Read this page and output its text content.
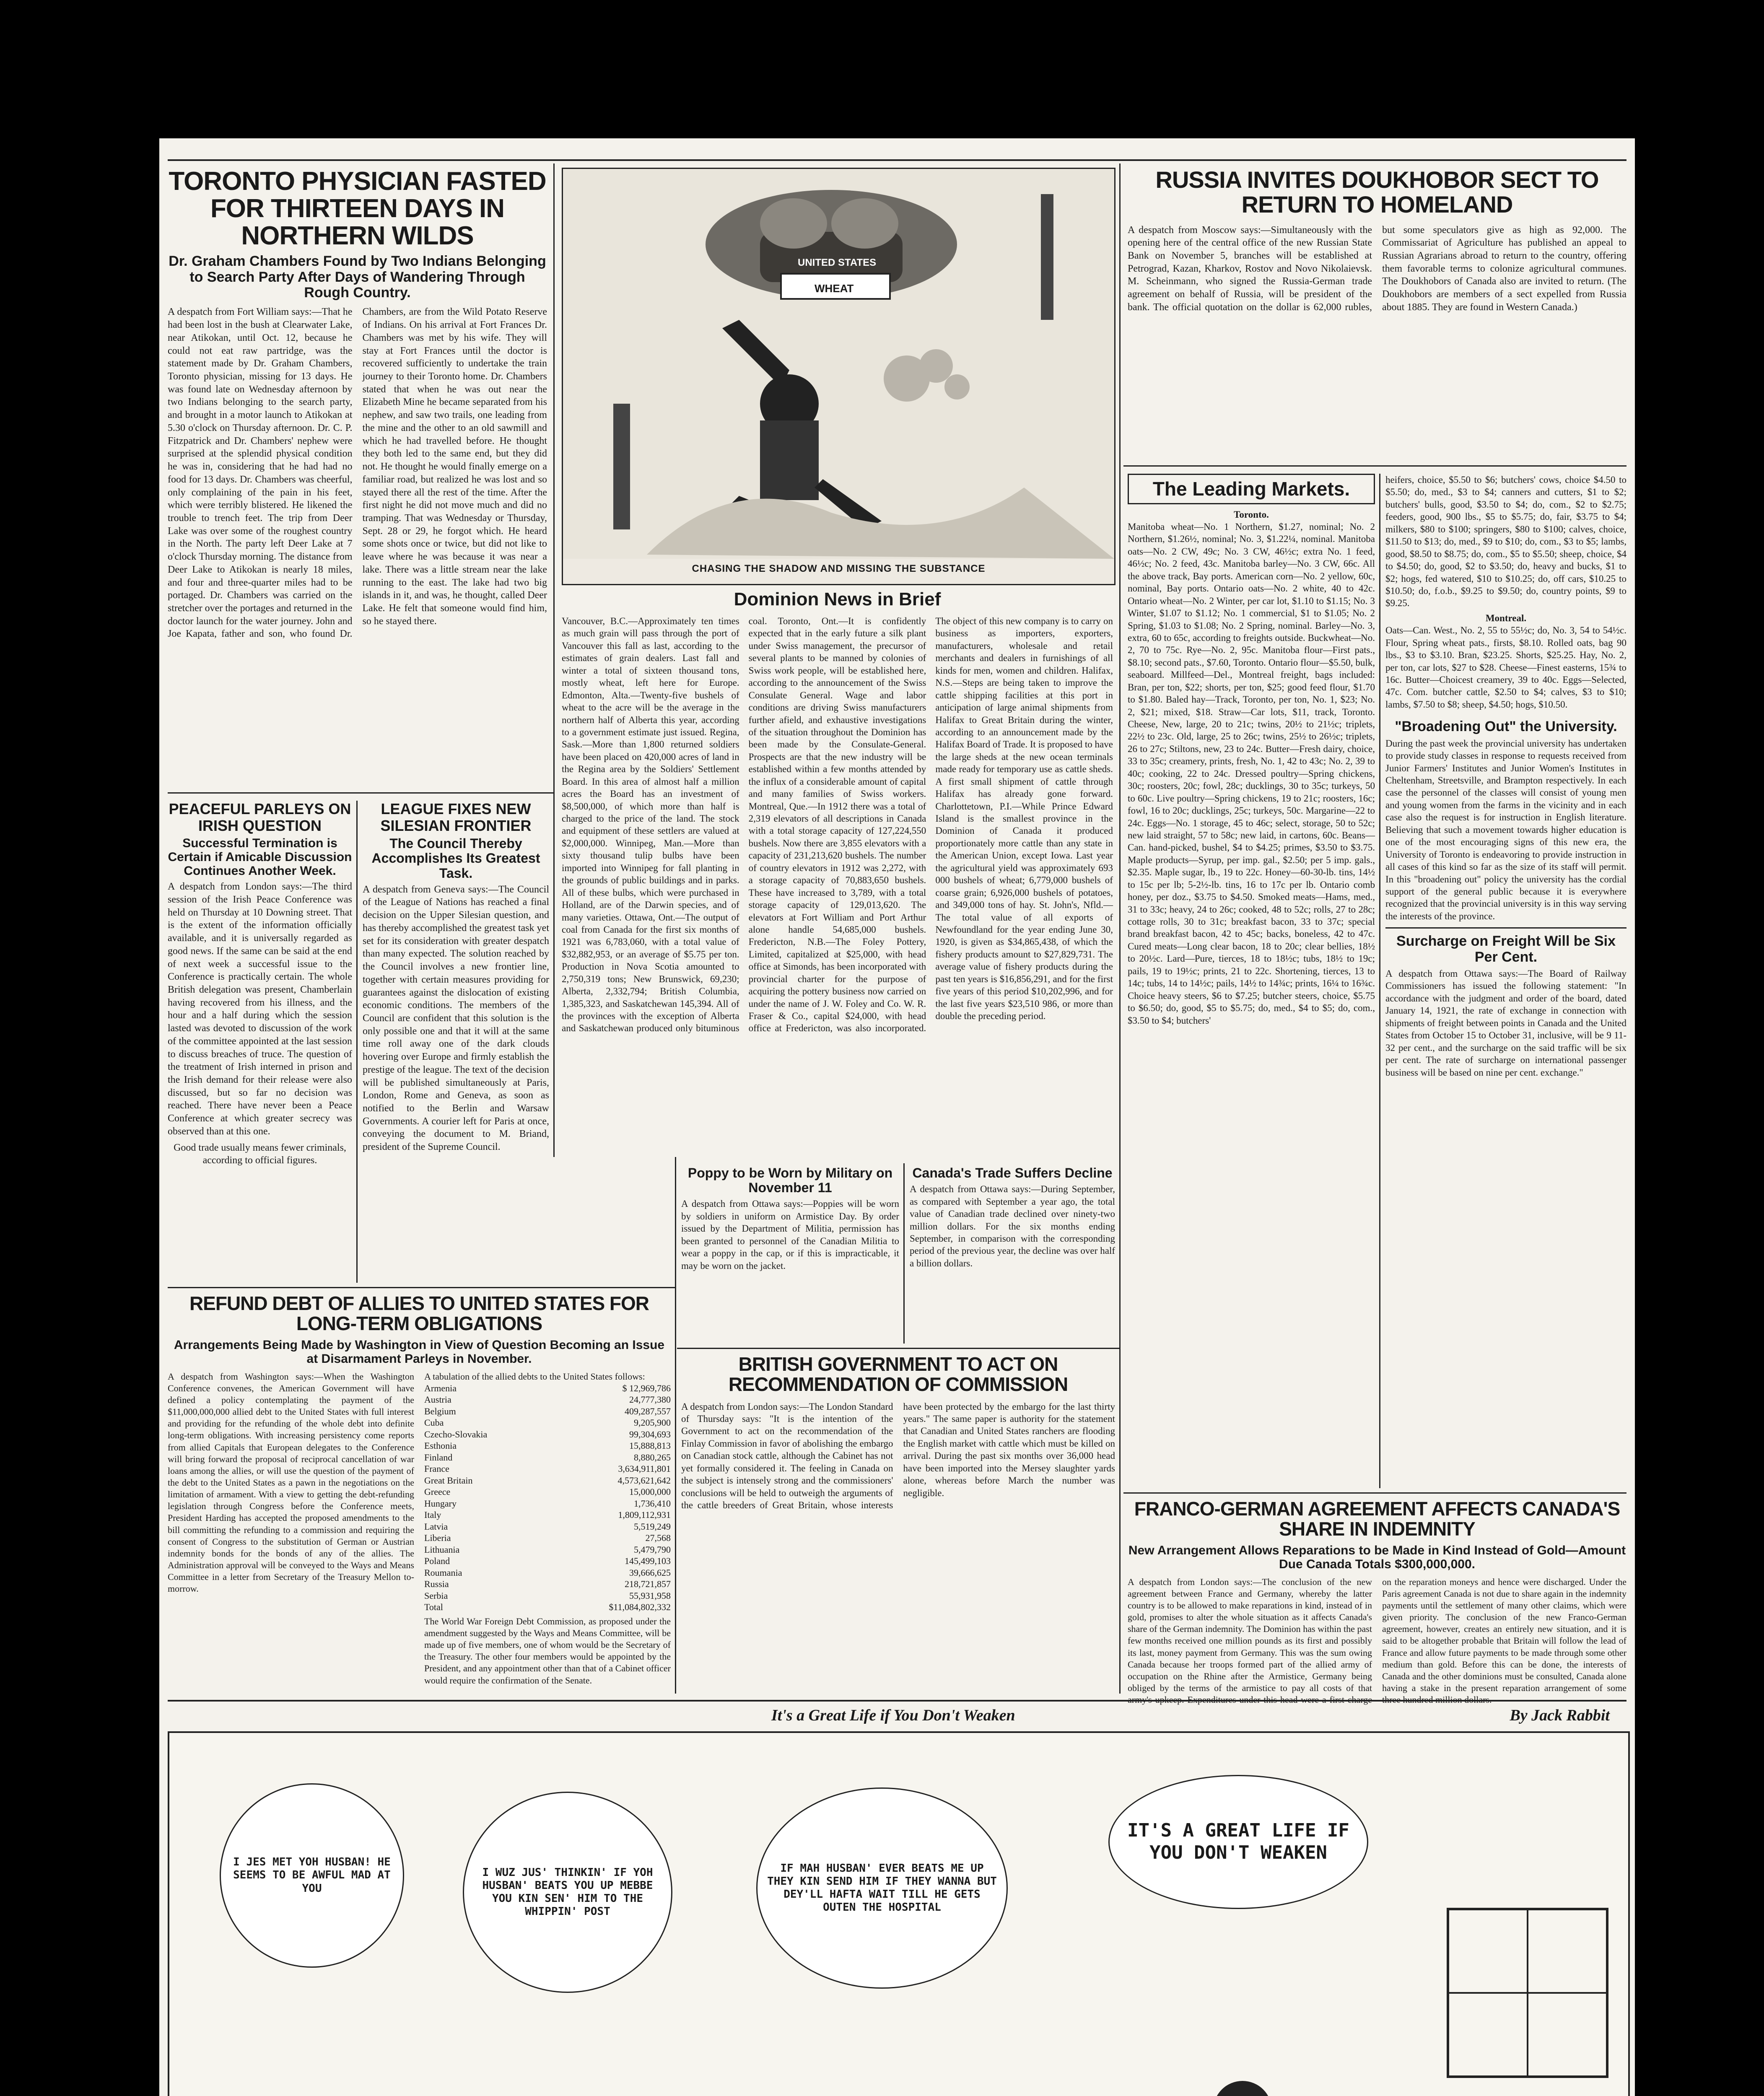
TORONTO PHYSICIAN FASTED FOR THIRTEEN DAYS IN NORTHERN WILDS
Dr. Graham Chambers Found by Two Indians Belonging to Search Party After Days of Wandering Through Rough Country.
A despatch from Fort William says:—That he had been lost in the bush at Clearwater Lake, near Atikokan, until Oct. 12, because he could not eat raw partridge, was the statement made by Dr. Graham Chambers, Toronto physician, missing for 13 days. He was found late on Wednesday afternoon by two Indians belonging to the search party, and brought in a motor launch to Atikokan at 5.30 o'clock on Thursday afternoon. Dr. C. P. Fitzpatrick and Dr. Chambers' nephew were surprised at the splendid physical condition he was in, considering that he had had no food for 13 days. Dr. Chambers was cheerful, only complaining of the pain in his feet, which were terribly blistered. He likened the trouble to trench feet. The trip from Deer Lake was over some of the roughest country in the North. The party left Deer Lake at 7 o'clock Thursday morning. The distance from Deer Lake to Atikokan is nearly 18 miles, and four and three-quarter miles had to be portaged. Dr. Chambers was carried on the stretcher over the portages and returned in the doctor launch for the water journey. John and Joe Kapata, father and son, who found Dr. Chambers, are from the Wild Potato Reserve of Indians. On his arrival at Fort Frances Dr. Chambers was met by his wife. They will stay at Fort Frances until the doctor is recovered sufficiently to undertake the train journey to their Toronto home. Dr. Chambers stated that when he was out near the Elizabeth Mine he became separated from his nephew, and saw two trails, one leading from the mine and the other to an old sawmill and which he had travelled before. He thought they both led to the same end, but they did not. He thought he would finally emerge on a familiar road, but realized he was lost and so stayed there all the rest of the time. After the first night he did not move much and did no tramping. That was Wednesday or Thursday, Sept. 28 or 29, he forgot which. He heard some shots once or twice, but did not like to leave where he was because it was near a lake. There was a little stream near the lake running to the east. The lake had two big islands in it, and was, he thought, called Deer Lake. He felt that someone would find him, so he stayed there.
PEACEFUL PARLEYS ON IRISH QUESTION
Successful Termination is Certain if Amicable Discussion Continues Another Week.
A despatch from London says:—The third session of the Irish Peace Conference was held on Thursday at 10 Downing street. That is the extent of the information officially available, and it is universally regarded as good news. If the same can be said at the end of next week a successful issue to the Conference is practically certain. The whole British delegation was present, Chamberlain having recovered from his illness, and the hour and a half during which the session lasted was devoted to discussion of the work of the committee appointed at the last session to discuss breaches of truce. The question of the treatment of Irish interned in prison and the Irish demand for their release were also discussed, but so far no decision was reached. There have never been a Peace Conference at which greater secrecy was observed than at this one.
Good trade usually means fewer criminals, according to official figures.
LEAGUE FIXES NEW SILESIAN FRONTIER
The Council Thereby Accomplishes Its Greatest Task.
A despatch from Geneva says:—The Council of the League of Nations has reached a final decision on the Upper Silesian question, and has thereby accomplished the greatest task yet set for its consideration with greater despatch than many expected. The solution reached by the Council involves a new frontier line, together with certain measures providing for guarantees against the dislocation of existing economic conditions. The members of the Council are confident that this solution is the only possible one and that it will at the same time roll away one of the dark clouds hovering over Europe and firmly establish the prestige of the league. The text of the decision will be published simultaneously at Paris, London, Rome and Geneva, as soon as notified to the Berlin and Warsaw Governments. A courier left for Paris at once, conveying the document to M. Briand, president of the Supreme Council.
CHASING THE SHADOW AND MISSING THE SUBSTANCE
UNITED STATES
WHEAT
Dominion News in Brief
Vancouver, B.C.—Approximately ten times as much grain will pass through the port of Vancouver this fall as last, according to the estimates of grain dealers. Last fall and winter a total of sixteen thousand tons, mostly wheat, left here for Europe. Edmonton, Alta.—Twenty-five bushels of wheat to the acre will be the average in the northern half of Alberta this year, according to a government estimate just issued. Regina, Sask.—More than 1,800 returned soldiers have been placed on 420,000 acres of land in the Regina area by the Soldiers' Settlement Board. In this area of almost half a million acres the Board has an investment of $8,500,000, of which more than half is charged to the price of the land. The stock and equipment of these settlers are valued at $2,000,000. Winnipeg, Man.—More than sixty thousand tulip bulbs have been imported into Winnipeg for fall planting in the grounds of public buildings and in parks. All of these bulbs, which were purchased in Holland, are of the Darwin species, and of many varieties. Ottawa, Ont.—The output of coal from Canada for the first six months of 1921 was 6,783,060, with a total value of $32,882,953, or an average of $5.75 per ton. Production in Nova Scotia amounted to 2,750,319 tons; New Brunswick, 69,230; Alberta, 2,332,794; British Columbia, 1,385,323, and Saskatchewan 145,394. All of the provinces with the exception of Alberta and Saskatchewan produced only bituminous coal. Toronto, Ont.—It is confidently expected that in the early future a silk plant under Swiss management, the precursor of several plants to be manned by colonies of Swiss work people, will be established here, according to the announcement of the Swiss Consulate General. Wage and labor conditions are driving Swiss manufacturers further afield, and exhaustive investigations of the situation throughout the Dominion has been made by the Consulate-General. Prospects are that the new industry will be established within a few months attended by the influx of a considerable amount of capital and many families of Swiss workers. Montreal, Que.—In 1912 there was a total of 2,319 elevators of all descriptions in Canada with a total storage capacity of 127,224,550 bushels. Now there are 3,855 elevators with a capacity of 231,213,620 bushels. The number of country elevators in 1912 was 2,272, with a storage capacity of 70,883,650 bushels. These have increased to 3,789, with a total storage capacity of 129,013,620. The elevators at Fort William and Port Arthur alone handle 54,685,000 bushels. Fredericton, N.B.—The Foley Pottery, Limited, capitalized at $25,000, with head office at Simonds, has been incorporated with provincial charter for the purpose of acquiring the pottery business now carried on under the name of J. W. Foley and Co. W. R. Fraser & Co., capital $24,000, with head office at Fredericton, was also incorporated. The object of this new company is to carry on business as importers, exporters, manufacturers, wholesale and retail merchants and dealers in furnishings of all kinds for men, women and children. Halifax, N.S.—Steps are being taken to improve the cattle shipping facilities at this port in anticipation of large animal shipments from Halifax to Great Britain during the winter, according to an announcement made by the Halifax Board of Trade. It is proposed to have the large sheds at the new ocean terminals made ready for temporary use as cattle sheds. A first small shipment of cattle through Halifax has already gone forward. Charlottetown, P.I.—While Prince Edward Island is the smallest province in the Dominion of Canada it produced proportionately more cattle than any state in the American Union, except Iowa. Last year the agricultural yield was approximately 693 000 bushels of wheat; 6,779,000 bushels of coarse grain; 6,926,000 bushels of potatoes, and 349,000 tons of hay. St. John's, Nfld.—The total value of all exports of Newfoundland for the year ending June 30, 1920, is given as $34,865,438, of which the fishery products amount to $27,829,731. The average value of fishery products during the past ten years is $16,856,291, and for the first five years of this period $10,202,996, and for the last five years $23,510 986, or more than double the preceding period.
RUSSIA INVITES DOUKHOBOR SECT TO RETURN TO HOMELAND
A despatch from Moscow says:—Simultaneously with the opening here of the central office of the new Russian State Bank on November 5, branches will be established at Petrograd, Kazan, Kharkov, Rostov and Novo Nikolaievsk. M. Scheinmann, who signed the Russia-German trade agreement on behalf of Russia, will be president of the bank. The official quotation on the dollar is 62,000 rubles, but some speculators give as high as 92,000. The Commissariat of Agriculture has published an appeal to Russian Agrarians abroad to return to the country, offering them favorable terms to colonize agricultural communes. The Doukhobors of Canada also are invited to return. (The Doukhobors are members of a sect expelled from Russia about 1885. They are found in Western Canada.)
The Leading Markets.
Toronto.
Manitoba wheat—No. 1 Northern, $1.27, nominal; No. 2 Northern, $1.26½, nominal; No. 3, $1.22¼, nominal. Manitoba oats—No. 2 CW, 49c; No. 3 CW, 46½c; extra No. 1 feed, 46½c; No. 2 feed, 43c. Manitoba barley—No. 3 CW, 66c. All the above track, Bay ports. American corn—No. 2 yellow, 60c, nominal, Bay ports. Ontario oats—No. 2 white, 40 to 42c. Ontario wheat—No. 2 Winter, per car lot, $1.10 to $1.15; No. 3 Winter, $1.07 to $1.12; No. 1 commercial, $1 to $1.05; No. 2 Spring, $1.03 to $1.08; No. 2 Spring, nominal. Barley—No. 3, extra, 60 to 65c, according to freights outside. Buckwheat—No. 2, 70 to 75c. Rye—No. 2, 95c. Manitoba flour—First pats., $8.10; second pats., $7.60, Toronto. Ontario flour—$5.50, bulk, seaboard. Millfeed—Del., Montreal freight, bags included: Bran, per ton, $22; shorts, per ton, $25; good feed flour, $1.70 to $1.80. Baled hay—Track, Toronto, per ton, No. 1, $23; No. 2, $21; mixed, $18. Straw—Car lots, $11, track, Toronto. Cheese, New, large, 20 to 21c; twins, 20½ to 21½c; triplets, 22½ to 23c. Old, large, 25 to 26c; twins, 25½ to 26½c; triplets, 26 to 27c; Stiltons, new, 23 to 24c. Butter—Fresh dairy, choice, 33 to 35c; creamery, prints, fresh, No. 1, 42 to 43c; No. 2, 39 to 40c; cooking, 22 to 24c. Dressed poultry—Spring chickens, 30c; roosters, 20c; fowl, 28c; ducklings, 30 to 35c; turkeys, 50 to 60c. Live poultry—Spring chickens, 19 to 21c; roosters, 16c; fowl, 16 to 20c; ducklings, 25c; turkeys, 50c. Margarine—22 to 24c. Eggs—No. 1 storage, 45 to 46c; select, storage, 50 to 52c; new laid straight, 57 to 58c; new laid, in cartons, 60c. Beans—Can. hand-picked, bushel, $4 to $4.25; primes, $3.50 to $3.75. Maple products—Syrup, per imp. gal., $2.50; per 5 imp. gals., $2.35. Maple sugar, lb., 19 to 22c. Honey—60-30-lb. tins, 14½ to 15c per lb; 5-2½-lb. tins, 16 to 17c per lb. Ontario comb honey, per doz., $3.75 to $4.50. Smoked meats—Hams, med., 31 to 33c; heavy, 24 to 26c; cooked, 48 to 52c; rolls, 27 to 28c; cottage rolls, 30 to 31c; breakfast bacon, 33 to 37c; special brand breakfast bacon, 42 to 45c; backs, boneless, 42 to 47c. Cured meats—Long clear bacon, 18 to 20c; clear bellies, 18½ to 20½c. Lard—Pure, tierces, 18 to 18½c; tubs, 18½ to 19c; pails, 19 to 19½c; prints, 21 to 22c. Shortening, tierces, 13 to 14c; tubs, 14 to 14½c; pails, 14½ to 14¾c; prints, 16¼ to 16¾c. Choice heavy steers, $6 to $7.25; butcher steers, choice, $5.75 to $6.50; do, good, $5 to $5.75; do, med., $4 to $5; do, com., $3.50 to $4; butchers'
heifers, choice, $5.50 to $6; butchers' cows, choice $4.50 to $5.50; do, med., $3 to $4; canners and cutters, $1 to $2; butchers' bulls, good, $3.50 to $4; do, com., $2 to $2.75; feeders, good, 900 lbs., $5 to $5.75; do, fair, $3.75 to $4; milkers, $80 to $100; springers, $80 to $100; calves, choice, $11.50 to $13; do, med., $9 to $10; do, com., $3 to $5; lambs, good, $8.50 to $8.75; do, com., $5 to $5.50; sheep, choice, $4 to $4.50; do, good, $2 to $3.50; do, heavy and bucks, $1 to $2; hogs, fed watered, $10 to $10.25; do, off cars, $10.25 to $10.50; do, f.o.b., $9.25 to $9.50; do, country points, $9 to $9.25.
Montreal.
Oats—Can. West., No. 2, 55 to 55½c; do, No. 3, 54 to 54½c. Flour, Spring wheat pats., firsts, $8.10. Rolled oats, bag 90 lbs., $3 to $3.10. Bran, $23.25. Shorts, $25.25. Hay, No. 2, per ton, car lots, $27 to $28. Cheese—Finest easterns, 15¾ to 16c. Butter—Choicest creamery, 39 to 40c. Eggs—Selected, 47c. Com. butcher cattle, $2.50 to $4; calves, $3 to $10; lambs, $7.50 to $8; sheep, $4.50; hogs, $10.50.
"Broadening Out" the University.
During the past week the provincial university has undertaken to provide study classes in response to requests received from Junior Farmers' Institutes and Junior Women's Institutes in Cheltenham, Streetsville, and Brampton respectively. In each case the personnel of the classes will consist of young men and young women from the farms in the vicinity and in each case also the request is for instruction in English literature. Believing that such a movement towards higher education is one of the most encouraging signs of this new era, the University of Toronto is endeavoring to provide instruction in all cases of this kind so far as the size of its staff will permit. In this "broadening out" policy the university has the cordial support of the general public because it is everywhere recognized that the provincial university is in this way serving the interests of the province.
Surcharge on Freight Will be Six Per Cent.
A despatch from Ottawa says:—The Board of Railway Commissioners has issued the following statement: "In accordance with the judgment and order of the board, dated January 14, 1921, the rate of exchange in connection with shipments of freight between points in Canada and the United States from October 15 to October 31, inclusive, will be 9 11-32 per cent., and the surcharge on the said traffic will be six per cent. The rate of surcharge on international passenger business will be based on nine per cent. exchange."
FRANCO-GERMAN AGREEMENT AFFECTS CANADA'S SHARE IN INDEMNITY
New Arrangement Allows Reparations to be Made in Kind Instead of Gold—Amount Due Canada Totals $300,000,000.
A despatch from London says:—The conclusion of the new agreement between France and Germany, whereby the latter country is to be allowed to make reparations in kind, instead of in gold, promises to alter the whole situation as it affects Canada's share of the German indemnity. The Dominion has within the past few months received one million pounds as its first and possibly its last, money payment from Germany. This was the sum owing Canada because her troops formed part of the allied army of occupation on the Rhine after the Armistice, Germany being obliged by the terms of the armistice to pay all costs of that on the reparation moneys and hence were discharged. Under the Paris agreement Canada is not due to share again in the indemnity payments until the settlement of many other claims, which were given priority. The conclusion of the new Franco-German agreement, however, creates an entirely new situation, and it is said to be altogether probable that Britain will follow the lead of France and allow future payments to be made through some other medium than gold. Before this can be done, the interests of Canada and the other dominions must be consulted, Canada alone having a stake in the present reparation arrangement of some
REFUND DEBT OF ALLIES TO UNITED STATES FOR LONG-TERM OBLIGATIONS
Arrangements Being Made by Washington in View of Question Becoming an Issue at Disarmament Parleys in November.
A despatch from Washington says:—When the Washington Conference convenes, the American Government will have defined a policy contemplating the payment of the $11,000,000,000 allied debt to the United States with full interest and providing for the refunding of the whole debt into definite long-term obligations. With increasing persistency come reports from allied Capitals that European delegates to the Conference will bring forward the proposal of reciprocal cancellation of war loans among the allies, or will use the question of the payment of the debt to the United States as a pawn in the negotiations on the limitation of armament. With a view to getting the debt-refunding legislation through Congress before the Conference meets, President Harding has accepted the proposed amendments to the bill committing the refunding to a commission and requiring the consent of Congress to the substitution of German or Austrian indemnity bonds for the bonds of any of the allies. The Administration approval will be conveyed to the Ways and Means Committee in a letter from Secretary of the Treasury Mellon to-morrow.
A tabulation of the allied debts to the United States follows:
Armenia	$ 12,969,786
Austria	24,777,380
Belgium	409,287,557
Cuba	9,205,900
Czecho-Slovakia	99,304,693
Esthonia	15,888,813
Finland	8,880,265
France	3,634,911,801
Great Britain	4,573,621,642
Greece	15,000,000
Hungary	1,736,410
Italy	1,809,112,931
Latvia	5,519,249
Liberia	27,568
Lithuania	5,479,790
Poland	145,499,103
Roumania	39,666,625
Russia	218,721,857
Serbia	55,931,958
Total	$11,084,802,332
The World War Foreign Debt Commission, as proposed under the amendment suggested by the Ways and Means Committee, will be made up of five members, one of whom would be the Secretary of the Treasury. The other four members would be appointed by the President, and any appointment other than that of a Cabinet officer would require the confirmation of the Senate.
Poppy to be Worn by Military on November 11
A despatch from Ottawa says:—Poppies will be worn by soldiers in uniform on Armistice Day. By order issued by the Department of Militia, permission has been granted to personnel of the Canadian Militia to wear a poppy in the cap, or if this is impracticable, it may be worn on the jacket.
Canada's Trade Suffers Decline
A despatch from Ottawa says:—During September, as compared with September a year ago, the total value of Canadian trade declined over ninety-two million dollars. For the six months ending September, in comparison with the corresponding period of the previous year, the decline was over half a billion dollars.
BRITISH GOVERNMENT TO ACT ON RECOMMENDATION OF COMMISSION
A despatch from London says:—The London Standard of Thursday says: "It is the intention of the Government to act on the recommendation of the Finlay Commission in favor of abolishing the embargo on Canadian stock cattle, although the Cabinet has not yet formally considered it. The feeling in Canada on the subject is intensely strong and the commissioners' conclusions will be held to outweigh the arguments of the cattle breeders of Great Britain, whose interests have been protected by the embargo for the last thirty years." The same paper is authority for the statement that Canadian and United States ranchers are flooding the English market with cattle which must be killed on arrival. During the past six months over 36,000 head have been imported into the Mersey slaughter yards alone, whereas before March the number was negligible.
It's a Great Life if You Don't Weaken	By Jack Rabbit
I JES MET YOH HUSBAN! HE SEEMS TO BE AWFUL MAD AT YOU
I WUZ JUS' THINKIN' IF YOH HUSBAN' BEATS YOU UP MEBBE YOU KIN SEN' HIM TO THE WHIPPIN' POST
IF MAH HUSBAN' EVER BEATS ME UP THEY KIN SEND HIM IF THEY WANNA BUT DEY'LL HAFTA WAIT TILL HE GETS OUTEN THE HOSPITAL
IT'S A GREAT LIFE IF YOU DON'T WEAKEN
